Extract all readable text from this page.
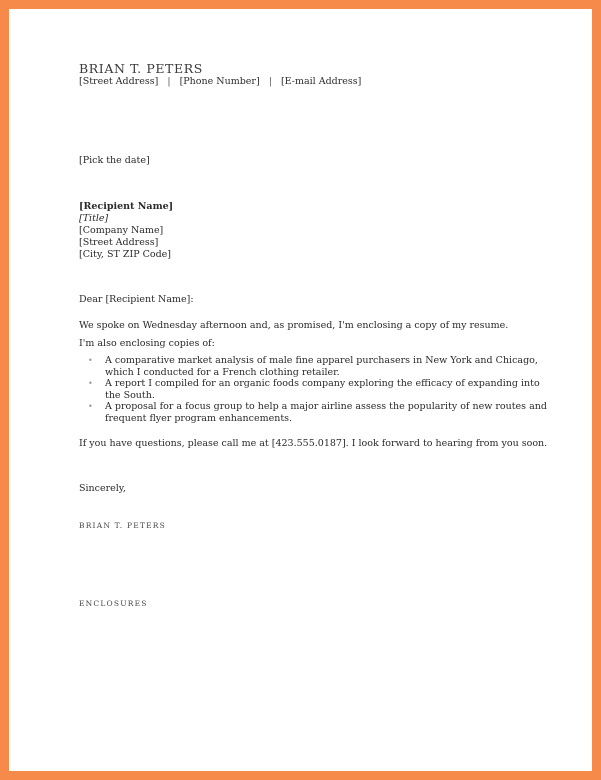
BRIAN T. PETERS
[Street Address] | [Phone Number] | [E-mail Address]
[Pick the date]
[Recipient Name]
[Title]
[Company Name]
[Street Address]
[City, ST ZIP Code]
Dear [Recipient Name]:
We spoke on Wednesday afternoon and, as promised, I'm enclosing a copy of my resume.
I'm also enclosing copies of:
• A comparative market analysis of male fine apparel purchasers in New York and Chicago, which I conducted for a French clothing retailer.
• A report I compiled for an organic foods company exploring the efficacy of expanding into the South.
• A proposal for a focus group to help a major airline assess the popularity of new routes and frequent flyer program enhancements.
If you have questions, please call me at [423.555.0187]. I look forward to hearing from you soon.
Sincerely,
BRIAN T. PETERS
ENCLOSURES
